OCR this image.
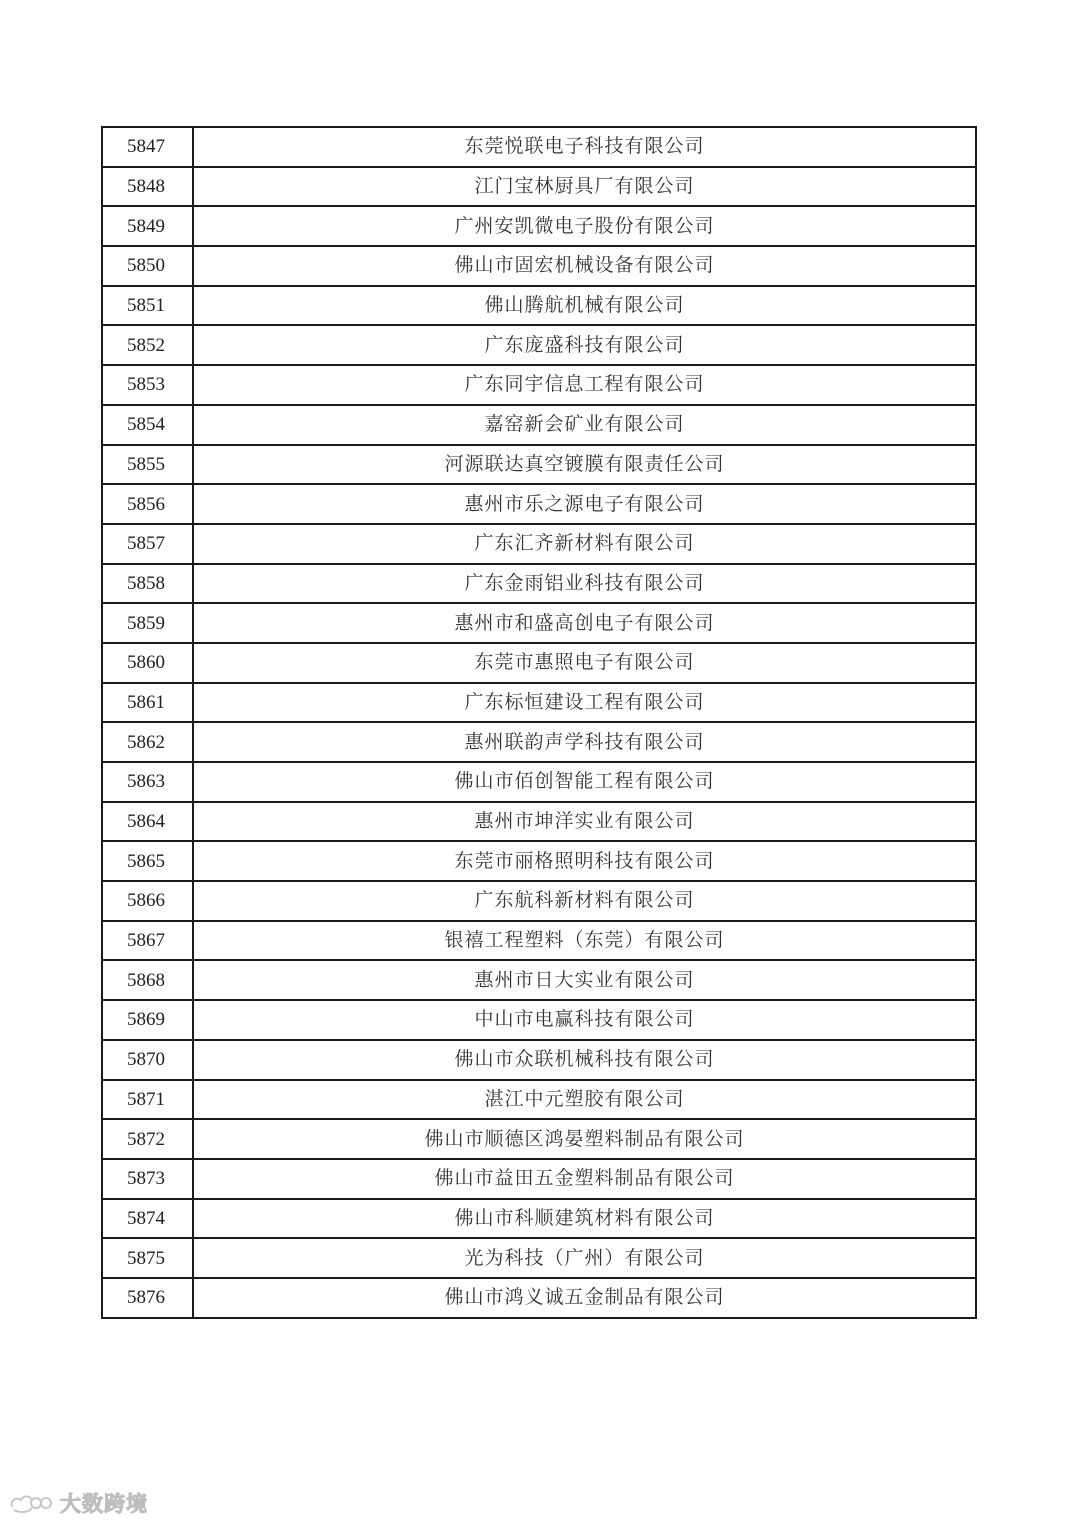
5847	东莞悦联电子科技有限公司
5848	江门宝林厨具厂有限公司
5849	广州安凯微电子股份有限公司
5850	佛山市固宏机械设备有限公司
5851	佛山腾航机械有限公司
5852	广东庞盛科技有限公司
5853	广东同宇信息工程有限公司
5854	嘉窑新会矿业有限公司
5855	河源联达真空镀膜有限责任公司
5856	惠州市乐之源电子有限公司
5857	广东汇齐新材料有限公司
5858	广东金雨铝业科技有限公司
5859	惠州市和盛高创电子有限公司
5860	东莞市惠照电子有限公司
5861	广东标恒建设工程有限公司
5862	惠州联韵声学科技有限公司
5863	佛山市佰创智能工程有限公司
5864	惠州市坤洋实业有限公司
5865	东莞市丽格照明科技有限公司
5866	广东航科新材料有限公司
5867	银禧工程塑料（东莞）有限公司
5868	惠州市日大实业有限公司
5869	中山市电赢科技有限公司
5870	佛山市众联机械科技有限公司
5871	湛江中元塑胶有限公司
5872	佛山市顺德区鸿晏塑料制品有限公司
5873	佛山市益田五金塑料制品有限公司
5874	佛山市科顺建筑材料有限公司
5875	光为科技（广州）有限公司
5876	佛山市鸿义诚五金制品有限公司
大数跨境
